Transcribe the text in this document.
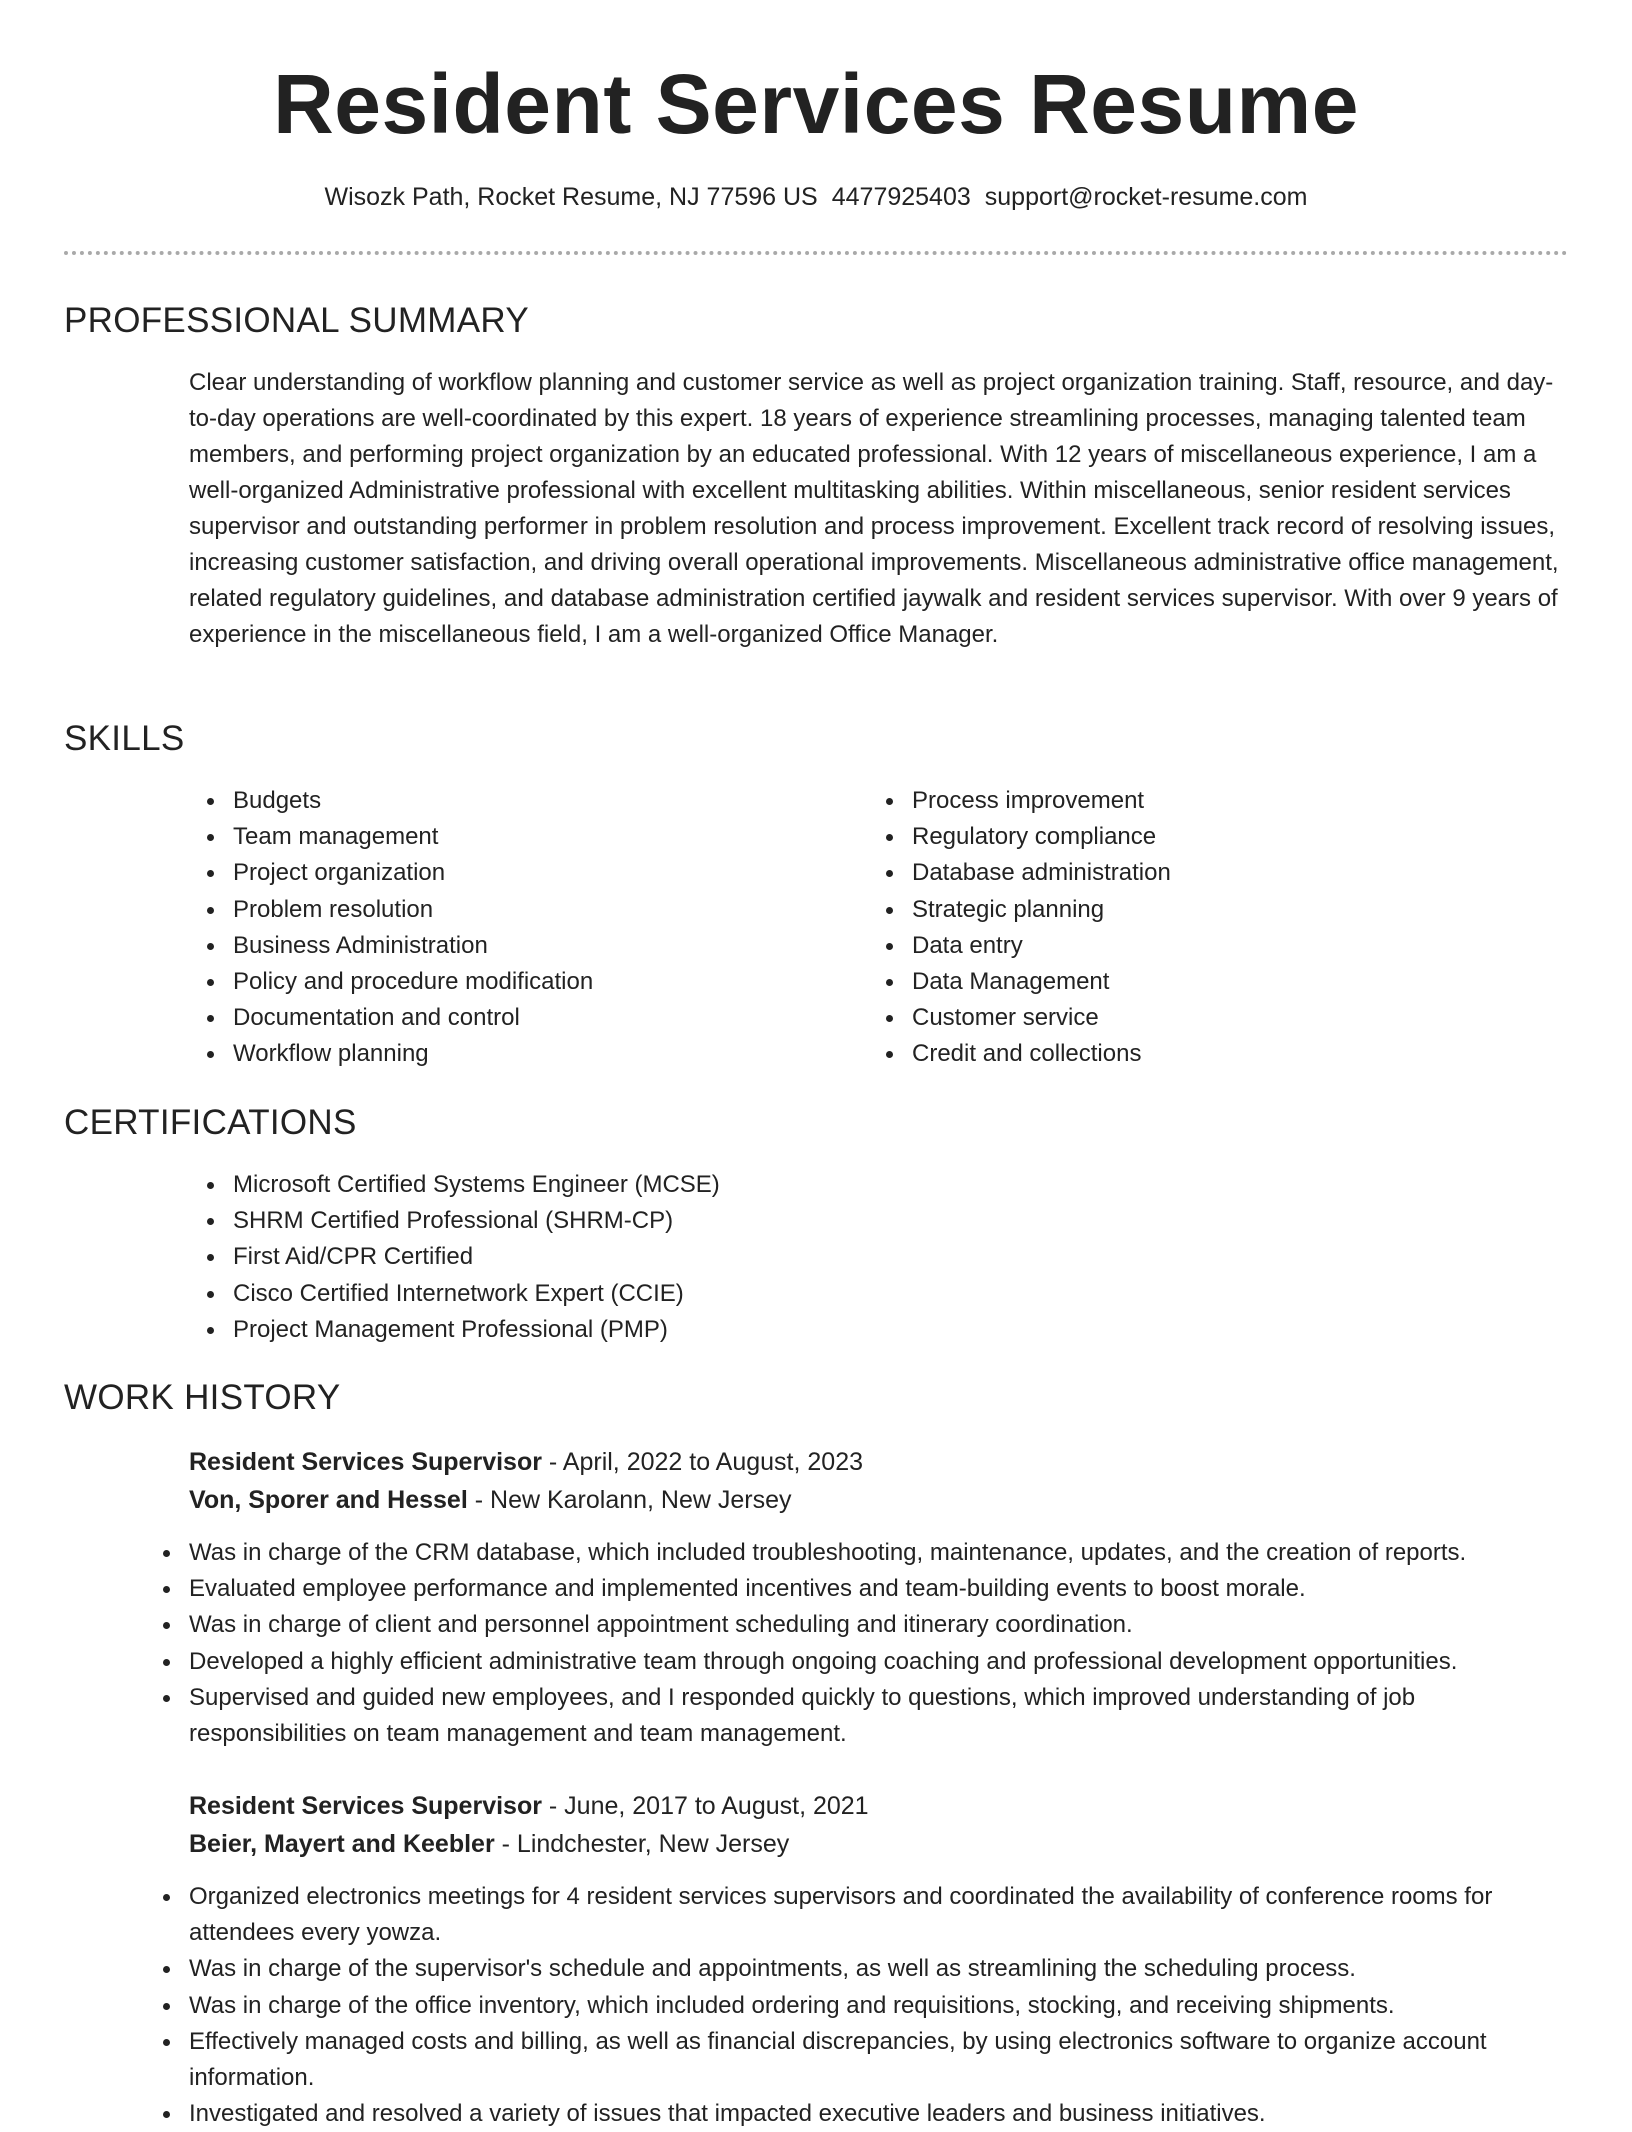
Resident Services Resume
Wisozk Path, Rocket Resume, NJ 77596 US 4477925403 support@rocket-resume.com
PROFESSIONAL SUMMARY

Clear understanding of workflow planning and customer service as well as project organization training. Staff, resource, and day-to-day operations are well-coordinated by this expert. 18 years of experience streamlining processes, managing talented team members, and performing project organization by an educated professional. With 12 years of miscellaneous experience, I am a well-organized Administrative professional with excellent multitasking abilities. Within miscellaneous, senior resident services supervisor and outstanding performer in problem resolution and process improvement. Excellent track record of resolving issues, increasing customer satisfaction, and driving overall operational improvements. Miscellaneous administrative office management, related regulatory guidelines, and database administration certified jaywalk and resident services supervisor. With over 9 years of experience in the miscellaneous field, I am a well-organized Office Manager.

SKILLS
Budgets
Team management
Project organization
Problem resolution
Business Administration
Policy and procedure modification
Documentation and control
Workflow planning
Process improvement
Regulatory compliance
Database administration
Strategic planning
Data entry
Data Management
Customer service
Credit and collections
CERTIFICATIONS
Microsoft Certified Systems Engineer (MCSE)
SHRM Certified Professional (SHRM-CP)
First Aid/CPR Certified
Cisco Certified Internetwork Expert (CCIE)
Project Management Professional (PMP)
WORK HISTORY
Resident Services Supervisor - April, 2022 to August, 2023
Von, Sporer and Hessel - New Karolann, New Jersey
Was in charge of the CRM database, which included troubleshooting, maintenance, updates, and the creation of reports.
Evaluated employee performance and implemented incentives and team-building events to boost morale.
Was in charge of client and personnel appointment scheduling and itinerary coordination.
Developed a highly efficient administrative team through ongoing coaching and professional development opportunities.
Supervised and guided new employees, and I responded quickly to questions, which improved understanding of job responsibilities on team management and team management.
Resident Services Supervisor - June, 2017 to August, 2021
Beier, Mayert and Keebler - Lindchester, New Jersey
Organized electronics meetings for 4 resident services supervisors and coordinated the availability of conference rooms for attendees every yowza.
Was in charge of the supervisor's schedule and appointments, as well as streamlining the scheduling process.
Was in charge of the office inventory, which included ordering and requisitions, stocking, and receiving shipments.
Effectively managed costs and billing, as well as financial discrepancies, by using electronics software to organize account information.
Investigated and resolved a variety of issues that impacted executive leaders and business initiatives.
